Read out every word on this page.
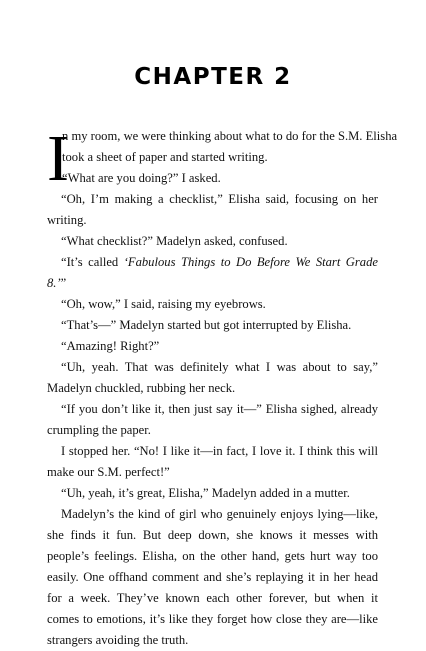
CHAPTER 2
I
n my room, we were thinking about what to do for the S.M. Elisha
took a sheet of paper and started writing.
“What are you doing?” I asked.

“Oh, I’m making a checklist,” Elisha said, focusing on her writing.

“What checklist?” Madelyn asked, confused.

“It’s called ‘Fabulous Things to Do Before We Start Grade 8.’”

“Oh, wow,” I said, raising my eyebrows.

“That’s—” Madelyn started but got interrupted by Elisha.

“Amazing! Right?”

“Uh, yeah. That was definitely what I was about to say,” Madelyn chuckled, rubbing her neck.

“If you don’t like it, then just say it—” Elisha sighed, already crumpling the paper.

I stopped her. “No! I like it—in fact, I love it. I think this will make our S.M. perfect!”

“Uh, yeah, it’s great, Elisha,” Madelyn added in a mutter.

Madelyn’s the kind of girl who genuinely enjoys lying—like, she finds it fun. But deep down, she knows it messes with people’s feelings. Elisha, on the other hand, gets hurt way too easily. One offhand comment and she’s replaying it in her head for a week. They’ve known each other forever, but when it comes to emotions, it’s like they forget how close they are—like strangers avoiding the truth.
